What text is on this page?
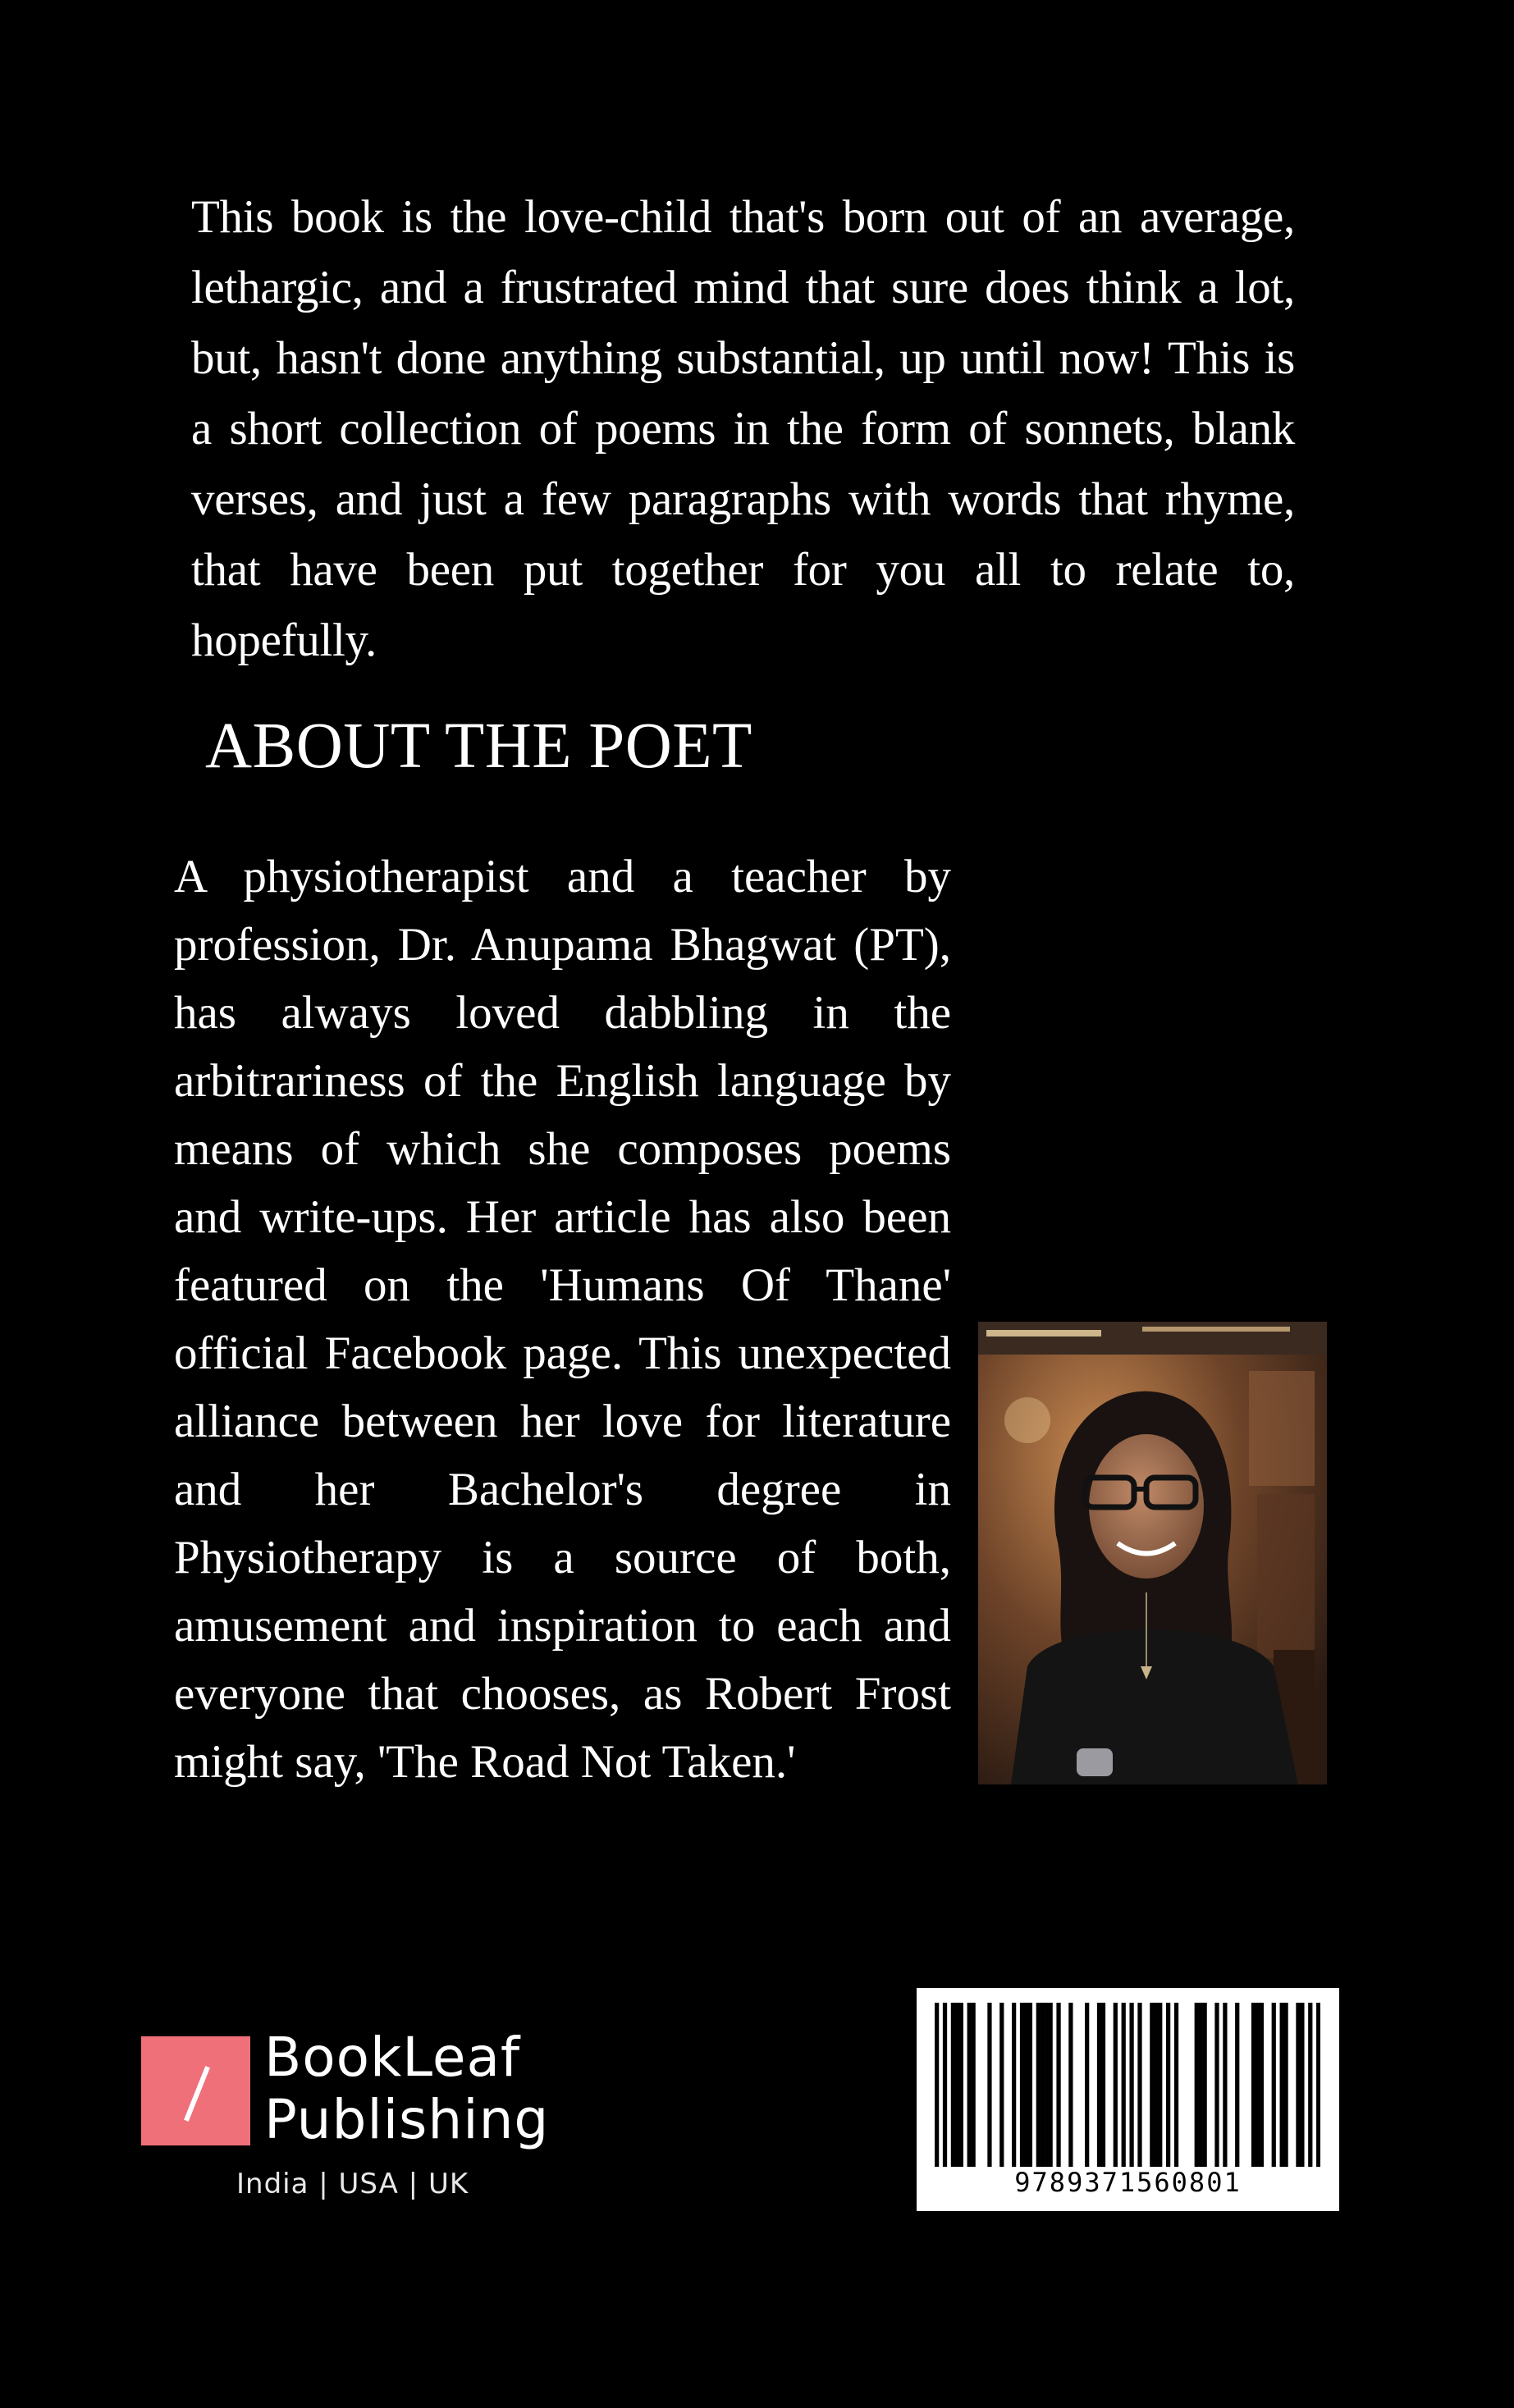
This book is the love-child that's born out of an average, lethargic, and a frustrated mind that sure does think a lot, but, hasn't done anything substantial, up until now! This is a short collection of poems in the form of sonnets, blank verses, and just a few paragraphs with words that rhyme, that have been put together for you all to relate to, hopefully.
ABOUT THE POET
A physiotherapist and a teacher by profession, Dr. Anupama Bhagwat (PT), has always loved dabbling in the arbitrariness of the English language by means of which she composes poems and write-ups. Her article has also been featured on the 'Humans Of Thane' official Facebook page. This unexpected alliance between her love for literature and her Bachelor's degree in Physiotherapy is a source of both, amusement and inspiration to each and everyone that chooses, as Robert Frost might say, 'The Road Not Taken.'
BookLeaf
Publishing
India | USA | UK	9789371560801
